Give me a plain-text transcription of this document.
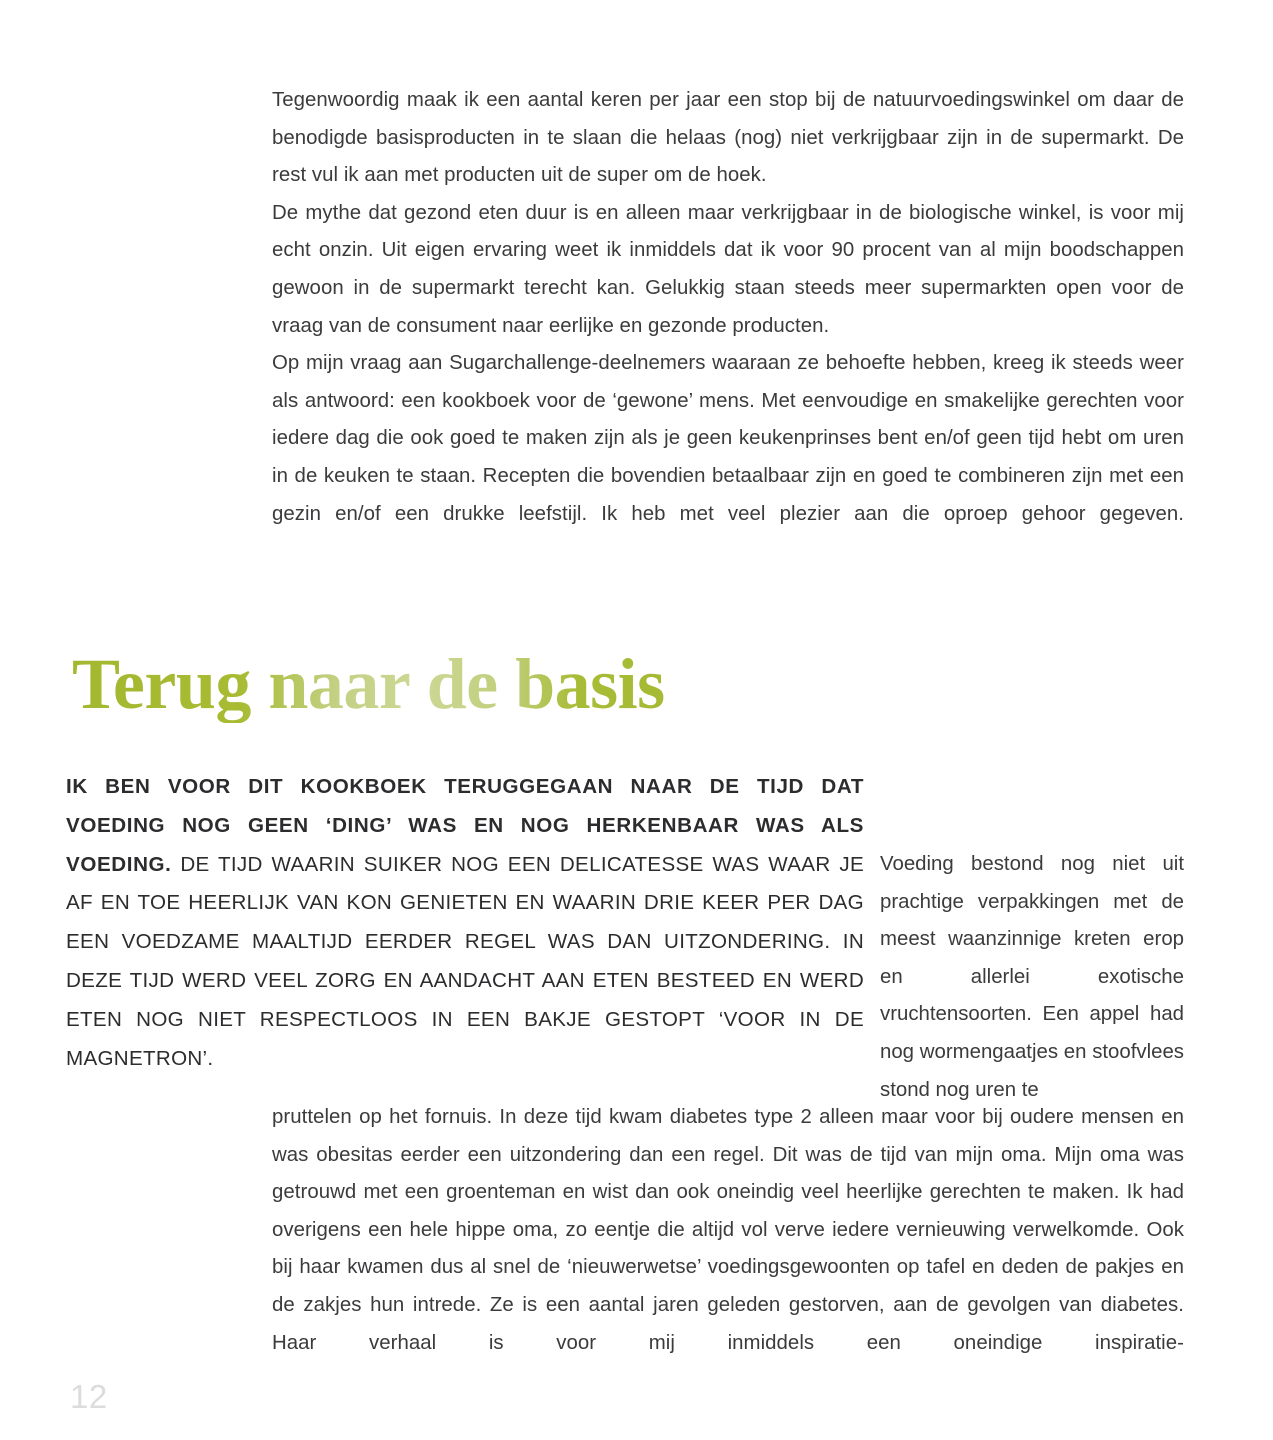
Tegenwoordig maak ik een aantal keren per jaar een stop bij de natuurvoedingswinkel om daar de benodigde basisproducten in te slaan die helaas (nog) niet verkrijgbaar zijn in de supermarkt. De rest vul ik aan met producten uit de super om de hoek.

De mythe dat gezond eten duur is en alleen maar verkrijgbaar in de biologische winkel, is voor mij echt onzin. Uit eigen ervaring weet ik inmiddels dat ik voor 90 procent van al mijn boodschappen gewoon in de supermarkt terecht kan. Gelukkig staan steeds meer supermarkten open voor de vraag van de consument naar eerlijke en gezonde producten.

Op mijn vraag aan Sugarchallenge-deelnemers waaraan ze behoefte hebben, kreeg ik steeds weer als antwoord: een kookboek voor de ‘gewone’ mens. Met eenvoudige en smakelijke gerechten voor iedere dag die ook goed te maken zijn als je geen keukenprinses bent en/of geen tijd hebt om uren in de keuken te staan. Recepten die bovendien betaalbaar zijn en goed te combineren zijn met een gezin en/of een drukke leefstijl. Ik heb met veel plezier aan die oproep gehoor gegeven.

Terug naar de basis

IK BEN VOOR DIT KOOKBOEK TERUGGEGAAN NAAR DE TIJD DAT VOEDING NOG GEEN ‘DING’ WAS EN NOG HERKENBAAR WAS ALS VOEDING. DE TIJD WAARIN SUIKER NOG EEN DELICATESSE WAS WAAR JE AF EN TOE HEERLIJK VAN KON GENIETEN EN WAARIN DRIE KEER PER DAG EEN VOEDZAME MAALTIJD EERDER REGEL WAS DAN UITZONDERING. IN DEZE TIJD WERD VEEL ZORG EN AANDACHT AAN ETEN BESTEED EN WERD ETEN NOG NIET RESPECTLOOS IN EEN BAKJE GESTOPT ‘VOOR IN DE MAGNETRON’.

Voeding bestond nog niet uit prachtige verpakkingen met de meest waanzinnige kreten erop en allerlei exotische vruchtensoorten. Een appel had nog wormengaatjes en stoofvlees stond nog uren te

pruttelen op het fornuis. In deze tijd kwam diabetes type 2 alleen maar voor bij oudere mensen en was obesitas eerder een uitzondering dan een regel. Dit was de tijd van mijn oma. Mijn oma was getrouwd met een groenteman en wist dan ook oneindig veel heerlijke gerechten te maken. Ik had overigens een hele hippe oma, zo eentje die altijd vol verve iedere vernieuwing verwelkomde. Ook bij haar kwamen dus al snel de ‘nieuwerwetse’ voedingsgewoonten op tafel en deden de pakjes en de zakjes hun intrede. Ze is een aantal jaren geleden gestorven, aan de gevolgen van diabetes. Haar verhaal is voor mij inmiddels een oneindige inspiratie-

12
